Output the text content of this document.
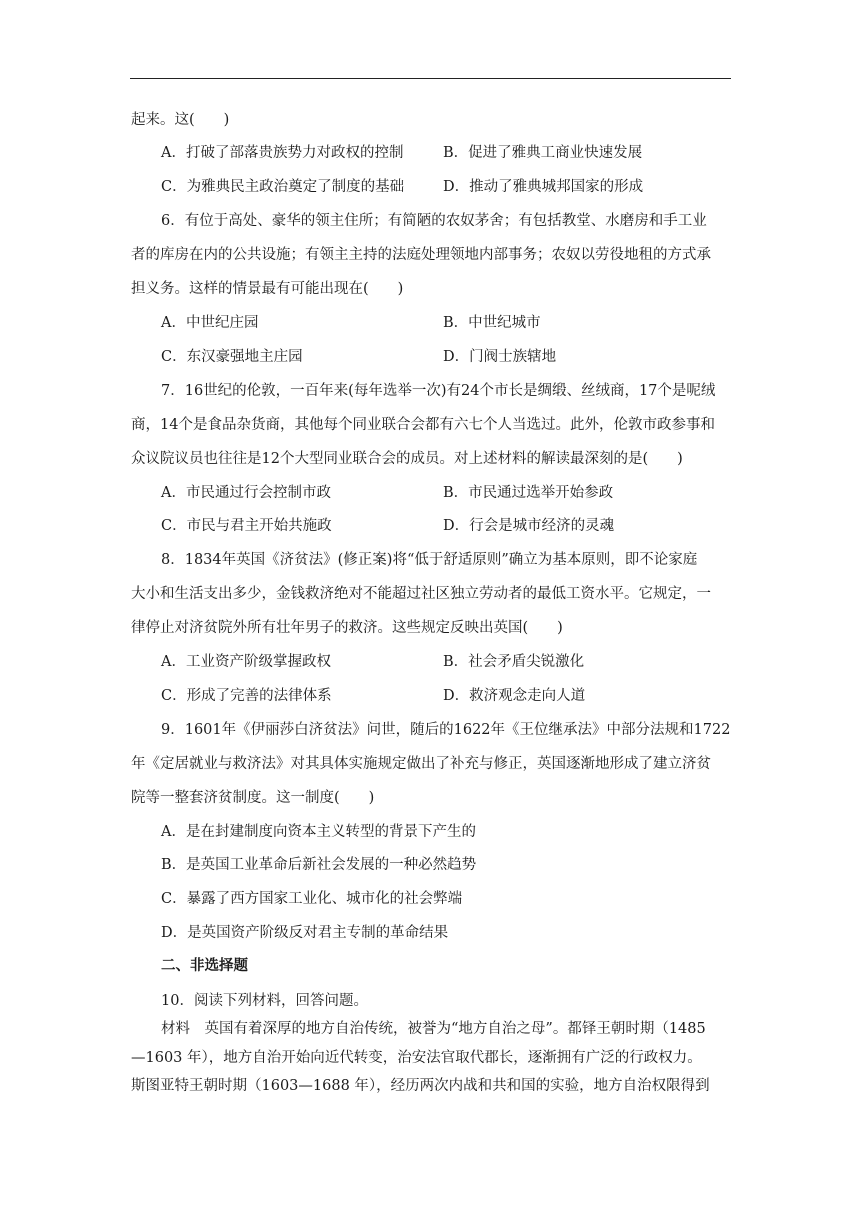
起来。这(　　)
A．打破了部落贵族势力对政权的控制	B．促进了雅典工商业快速发展
C．为雅典民主政治奠定了制度的基础	D．推动了雅典城邦国家的形成
6．有位于高处、豪华的领主住所；有简陋的农奴茅舍；有包括教堂、水磨房和手工业
者的库房在内的公共设施；有领主主持的法庭处理领地内部事务；农奴以劳役地租的方式承
担义务。这样的情景最有可能出现在(　　)
A．中世纪庄园	B．中世纪城市
C．东汉豪强地主庄园	D．门阀士族辖地
7．16世纪的伦敦，一百年来(每年选举一次)有24个市长是绸缎、丝绒商，17个是呢绒
商，14个是食品杂货商，其他每个同业联合会都有六七个人当选过。此外，伦敦市政参事和
众议院议员也往往是12个大型同业联合会的成员。对上述材料的解读最深刻的是(　　)
A．市民通过行会控制市政	B．市民通过选举开始参政
C．市民与君主开始共施政	D．行会是城市经济的灵魂
8．1834年英国《济贫法》(修正案)将“低于舒适原则”确立为基本原则，即不论家庭
大小和生活支出多少，金钱救济绝对不能超过社区独立劳动者的最低工资水平。它规定，一
律停止对济贫院外所有壮年男子的救济。这些规定反映出英国(　　)
A．工业资产阶级掌握政权	B．社会矛盾尖锐激化
C．形成了完善的法律体系	D．救济观念走向人道
9．1601年《伊丽莎白济贫法》问世，随后的1622年《王位继承法》中部分法规和1722
年《定居就业与救济法》对其具体实施规定做出了补充与修正，英国逐渐地形成了建立济贫
院等一整套济贫制度。这一制度(　　)
A．是在封建制度向资本主义转型的背景下产生的
B．是英国工业革命后新社会发展的一种必然趋势
C．暴露了西方国家工业化、城市化的社会弊端
D．是英国资产阶级反对君主专制的革命结果
二、非选择题
10．阅读下列材料，回答问题。
材料　英国有着深厚的地方自治传统，被誉为“地方自治之母”。都铎王朝时期（1485
—1603 年），地方自治开始向近代转变，治安法官取代郡长，逐渐拥有广泛的行政权力。
斯图亚特王朝时期（1603—1688 年），经历两次内战和共和国的实验，地方自治权限得到
